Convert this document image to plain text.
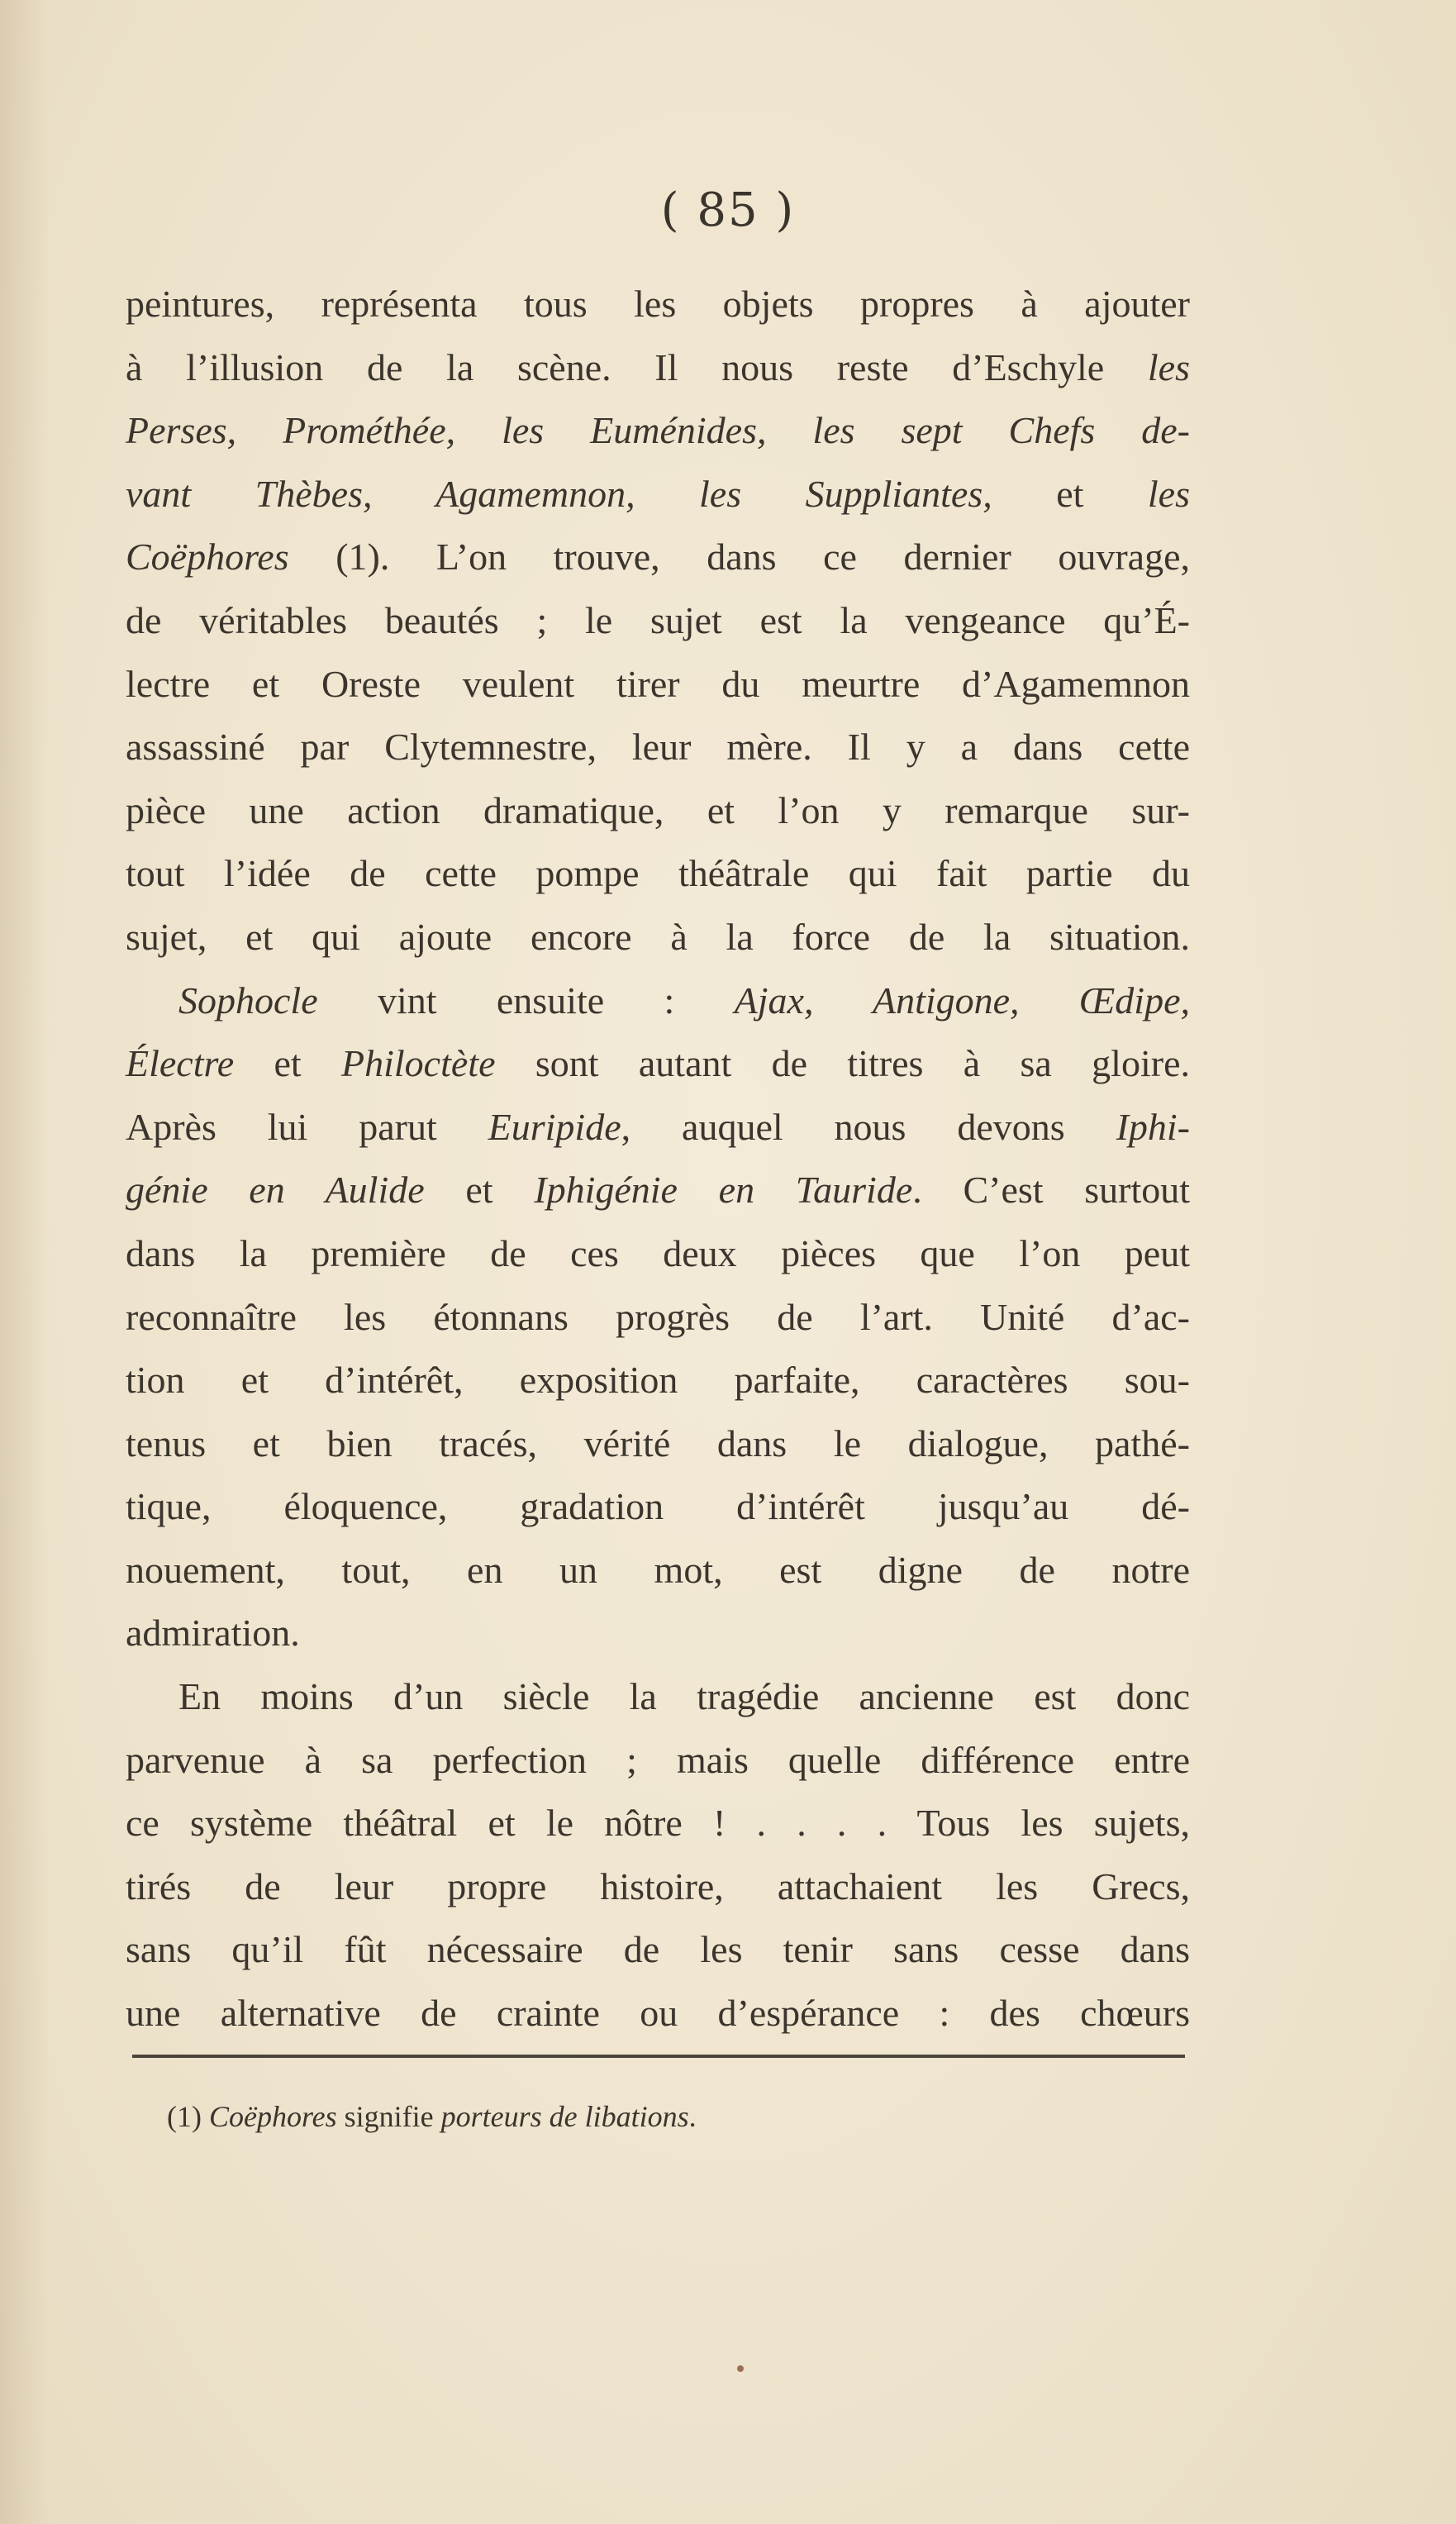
( 85 )
peintures, représenta tous les objets propres à ajouter
à l’illusion de la scène. Il nous reste d’Eschyle les
Perses, Prométhée, les Euménides, les sept Chefs de-
vant Thèbes, Agamemnon, les Suppliantes, et les
Coëphores (1). L’on trouve, dans ce dernier ouvrage,
de véritables beautés ; le sujet est la vengeance qu’É-
lectre et Oreste veulent tirer du meurtre d’Agamemnon
assassiné par Clytemnestre, leur mère. Il y a dans cette
pièce une action dramatique, et l’on y remarque sur-
tout l’idée de cette pompe théâtrale qui fait partie du
sujet, et qui ajoute encore à la force de la situation.
Sophocle vint ensuite : Ajax, Antigone, Œdipe,
Électre et Philoctète sont autant de titres à sa gloire.
Après lui parut Euripide, auquel nous devons Iphi-
génie en Aulide et Iphigénie en Tauride. C’est surtout
dans la première de ces deux pièces que l’on peut
reconnaître les étonnans progrès de l’art. Unité d’ac-
tion et d’intérêt, exposition parfaite, caractères sou-
tenus et bien tracés, vérité dans le dialogue, pathé-
tique, éloquence, gradation d’intérêt jusqu’au dé-
nouement, tout, en un mot, est digne de notre
admiration.
En moins d’un siècle la tragédie ancienne est donc
parvenue à sa perfection ; mais quelle différence entre
ce système théâtral et le nôtre ! . . . . Tous les sujets,
tirés de leur propre histoire, attachaient les Grecs,
sans qu’il fût nécessaire de les tenir sans cesse dans
une alternative de crainte ou d’espérance : des chœurs
(1) Coëphores signifie porteurs de libations.
